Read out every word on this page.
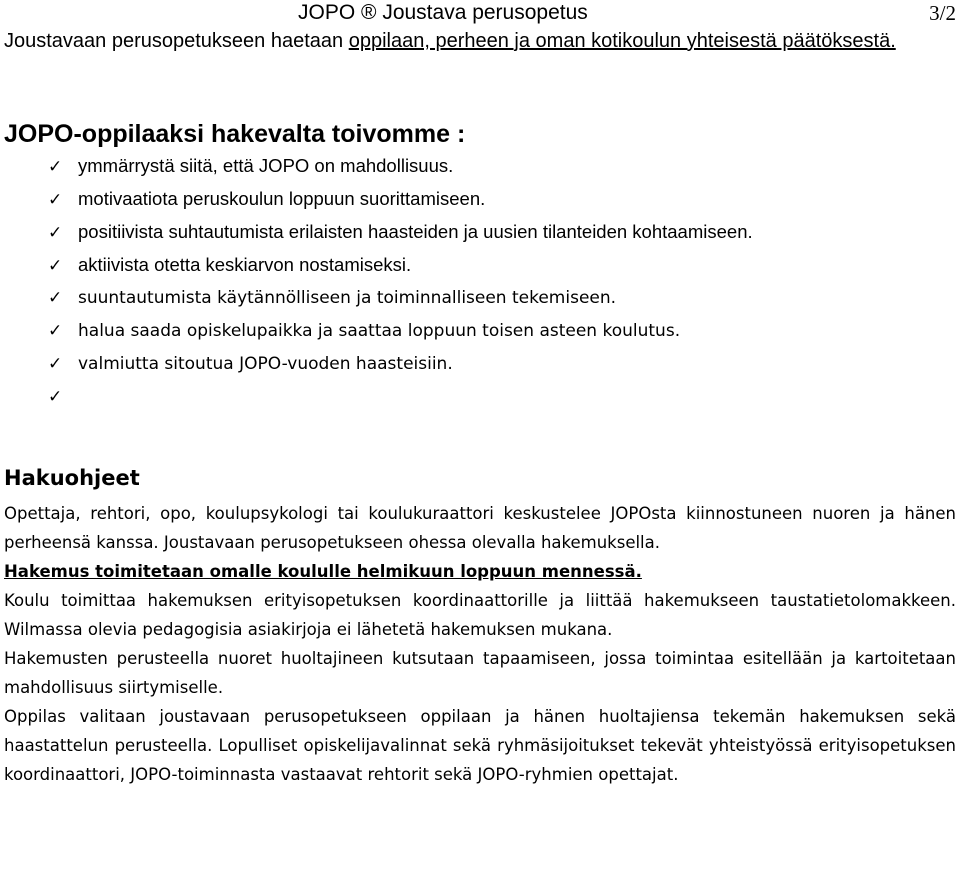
JOPO ® Joustava perusopetus	3/2
Joustavaan perusopetukseen haetaan oppilaan, perheen ja oman kotikoulun yhteisestä päätöksestä.
JOPO-oppilaaksi hakevalta toivomme :
✓ ymmärrystä siitä, että JOPO on mahdollisuus.
✓ motivaatiota peruskoulun loppuun suorittamiseen.
✓ positiivista suhtautumista erilaisten haasteiden ja uusien tilanteiden kohtaamiseen.
✓ aktiivista otetta keskiarvon nostamiseksi.
✓ suuntautumista käytännölliseen ja toiminnalliseen tekemiseen.
✓ halua saada opiskelupaikka ja saattaa loppuun toisen asteen koulutus.
✓ valmiutta sitoutua JOPO-vuoden haasteisiin.
✓
Hakuohjeet

Opettaja, rehtori, opo, koulupsykologi tai koulukuraattori keskustelee JOPOsta kiinnostuneen nuoren ja hänen perheensä kanssa. Joustavaan perusopetukseen ohessa olevalla hakemuksella.

Hakemus toimitetaan omalle koululle helmikuun loppuun mennessä.

Koulu toimittaa hakemuksen erityisopetuksen koordinaattorille ja liittää hakemukseen taustatietolomakkeen. Wilmassa olevia pedagogisia asiakirjoja ei lähetetä hakemuksen mukana.

Hakemusten perusteella nuoret huoltajineen kutsutaan tapaamiseen, jossa toimintaa esitellään ja kartoitetaan mahdollisuus siirtymiselle.

Oppilas valitaan joustavaan perusopetukseen oppilaan ja hänen huoltajiensa tekemän hakemuksen sekä haastattelun perusteella. Lopulliset opiskelijavalinnat sekä ryhmäsijoitukset tekevät yhteistyössä erityisopetuksen koordinaattori, JOPO-toiminnasta vastaavat rehtorit sekä JOPO-ryhmien opettajat.
